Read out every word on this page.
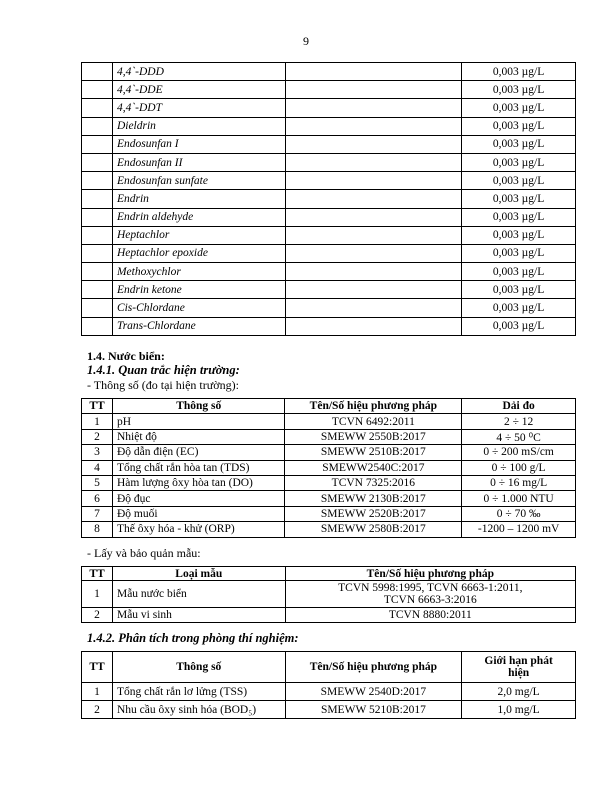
9
	4,4`-DDD		0,003 µg/L
	4,4`-DDE		0,003 µg/L
	4,4`-DDT		0,003 µg/L
	Dieldrin		0,003 µg/L
	Endosunfan I		0,003 µg/L
	Endosunfan II		0,003 µg/L
	Endosunfan sunfate		0,003 µg/L
	Endrin		0,003 µg/L
	Endrin aldehyde		0,003 µg/L
	Heptachlor		0,003 µg/L
	Heptachlor epoxide		0,003 µg/L
	Methoxychlor		0,003 µg/L
	Endrin ketone		0,003 µg/L
	Cis-Chlordane		0,003 µg/L
	Trans-Chlordane		0,003 µg/L
1.4. Nước biển:
1.4.1. Quan trắc hiện trường:
- Thông số (đo tại hiện trường):
TT	Thông số	Tên/Số hiệu phương pháp	Dải đo
1	pH	TCVN 6492:2011	2 ÷ 12
2	Nhiệt độ	SMEWW 2550B:2017	4 ÷ 50 ⁰C
3	Độ dẫn điện (EC)	SMEWW 2510B:2017	0 ÷ 200 mS/cm
4	Tổng chất rắn hòa tan (TDS)	SMEWW2540C:2017	0 ÷ 100 g/L
5	Hàm lượng ôxy hòa tan (DO)	TCVN 7325:2016	0 ÷ 16 mg/L
6	Độ đục	SMEWW 2130B:2017	0 ÷ 1.000 NTU
7	Độ muối	SMEWW 2520B:2017	0 ÷ 70 ‰
8	Thế ôxy hóa - khử (ORP)	SMEWW 2580B:2017	-1200 – 1200 mV
- Lấy và bảo quản mẫu:
TT	Loại mẫu	Tên/Số hiệu phương pháp
1	Mẫu nước biển	TCVN 5998:1995, TCVN 6663-1:2011,
TCVN 6663-3:2016

2	Mẫu vi sinh	TCVN 8880:2011
1.4.2. Phân tích trong phòng thí nghiệm:
TT	Thông số	Tên/Số hiệu phương pháp	Giới hạn phát
hiện

1	Tổng chất rắn lơ lửng (TSS)	SMEWW 2540D:2017	2,0 mg/L
2	Nhu cầu ôxy sinh hóa (BOD₅)	SMEWW 5210B:2017	1,0 mg/L
